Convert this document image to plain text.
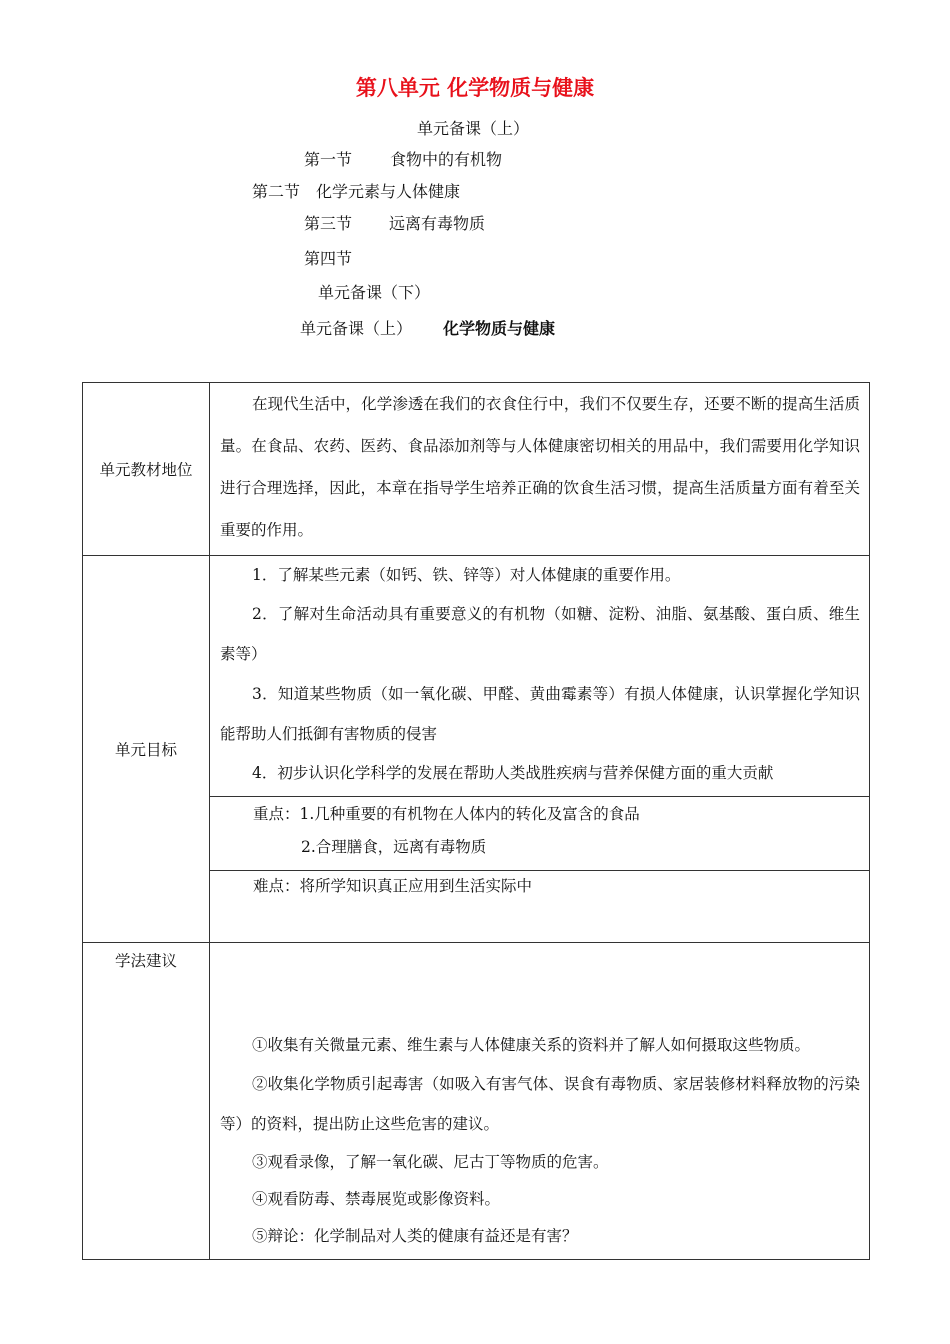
第八单元 化学物质与健康
单元备课（上）
第一节 食物中的有机物
第二节　化学元素与人体健康
第三节 远离有毒物质
第四节
单元备课（下）
单元备课（上） 化学物质与健康
单元教材地位	在现代生活中，化学渗透在我们的衣食住行中，我们不仅要生存，还要不断的提高生活质量。在食品、农药、医药、食品添加剂等与人体健康密切相关的用品中，我们需要用化学知识进行合理选择，因此，本章在指导学生培养正确的饮食生活习惯，提高生活质量方面有着至关重要的作用。

单元目标	1．了解某些元素（如钙、铁、锌等）对人体健康的重要作用。
2．了解对生命活动具有重要意义的有机物（如糖、淀粉、油脂、氨基酸、蛋白质、维生素等）
3．知道某些物质（如一氧化碳、甲醛、黄曲霉素等）有损人体健康，认识掌握化学知识能帮助人们抵御有害物质的侵害
4．初步认识化学科学的发展在帮助人类战胜疾病与营养保健方面的重大贡献

	重点：1.几种重要的有机物在人体内的转化及富含的食品
2.合理膳食，远离有毒物质

	难点：将所学知识真正应用到生活实际中

学法建议	①收集有关微量元素、维生素与人体健康关系的资料并了解人如何摄取这些物质。
②收集化学物质引起毒害（如吸入有害气体、误食有毒物质、家居装修材料释放物的污染等）的资料，提出防止这些危害的建议。
③观看录像，了解一氧化碳、尼古丁等物质的危害。
④观看防毒、禁毒展览或影像资料。
⑤辩论：化学制品对人类的健康有益还是有害？
